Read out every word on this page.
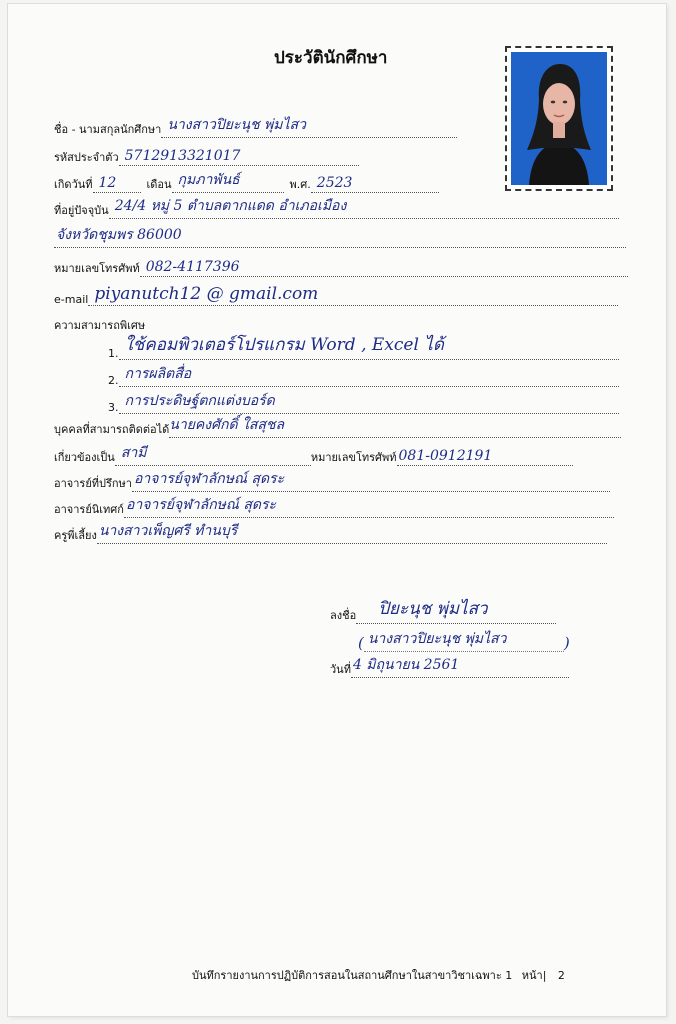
ประวัตินักศึกษา
ชื่อ - นามสกุลนักศึกษา นางสาวปิยะนุช พุ่มไสว
รหัสประจำตัว 5712913321017
เกิดวันที่ 12	เดือน กุมภาพันธ์	พ.ศ. 2523
ที่อยู่ปัจจุบัน 24/4 หมู่ 5 ตำบลตากแดด อำเภอเมือง
จังหวัดชุมพร 86000
หมายเลขโทรศัพท์ 082-4117396
e-mail piyanutch12 @ gmail.com
ความสามารถพิเศษ
1. ใช้คอมพิวเตอร์โปรแกรม Word , Excel ได้
2. การผลิตสื่อ
3. การประดิษฐ์ตกแต่งบอร์ด
บุคคลที่สามารถติดต่อได้ นายคงศักดิ์ ใสสุชล
เกี่ยวข้องเป็น สามี	หมายเลขโทรศัพท์ 081-0912191
อาจารย์ที่ปรึกษา อาจารย์จุฬาลักษณ์ สุดระ
อาจารย์นิเทศก์ อาจารย์จุฬาลักษณ์ สุดระ
ครูพี่เลี้ยง นางสาวเพ็ญศรี ทำนบุรี
ลงชื่อ ปิยะนุช พุ่มไสว
( นางสาวปิยะนุช พุ่มไสว	)
วันที่ 4 มิถุนายน 2561
บันทึกรายงานการปฏิบัติการสอนในสถานศึกษาในสาขาวิชาเฉพาะ 1 หน้า| 2
